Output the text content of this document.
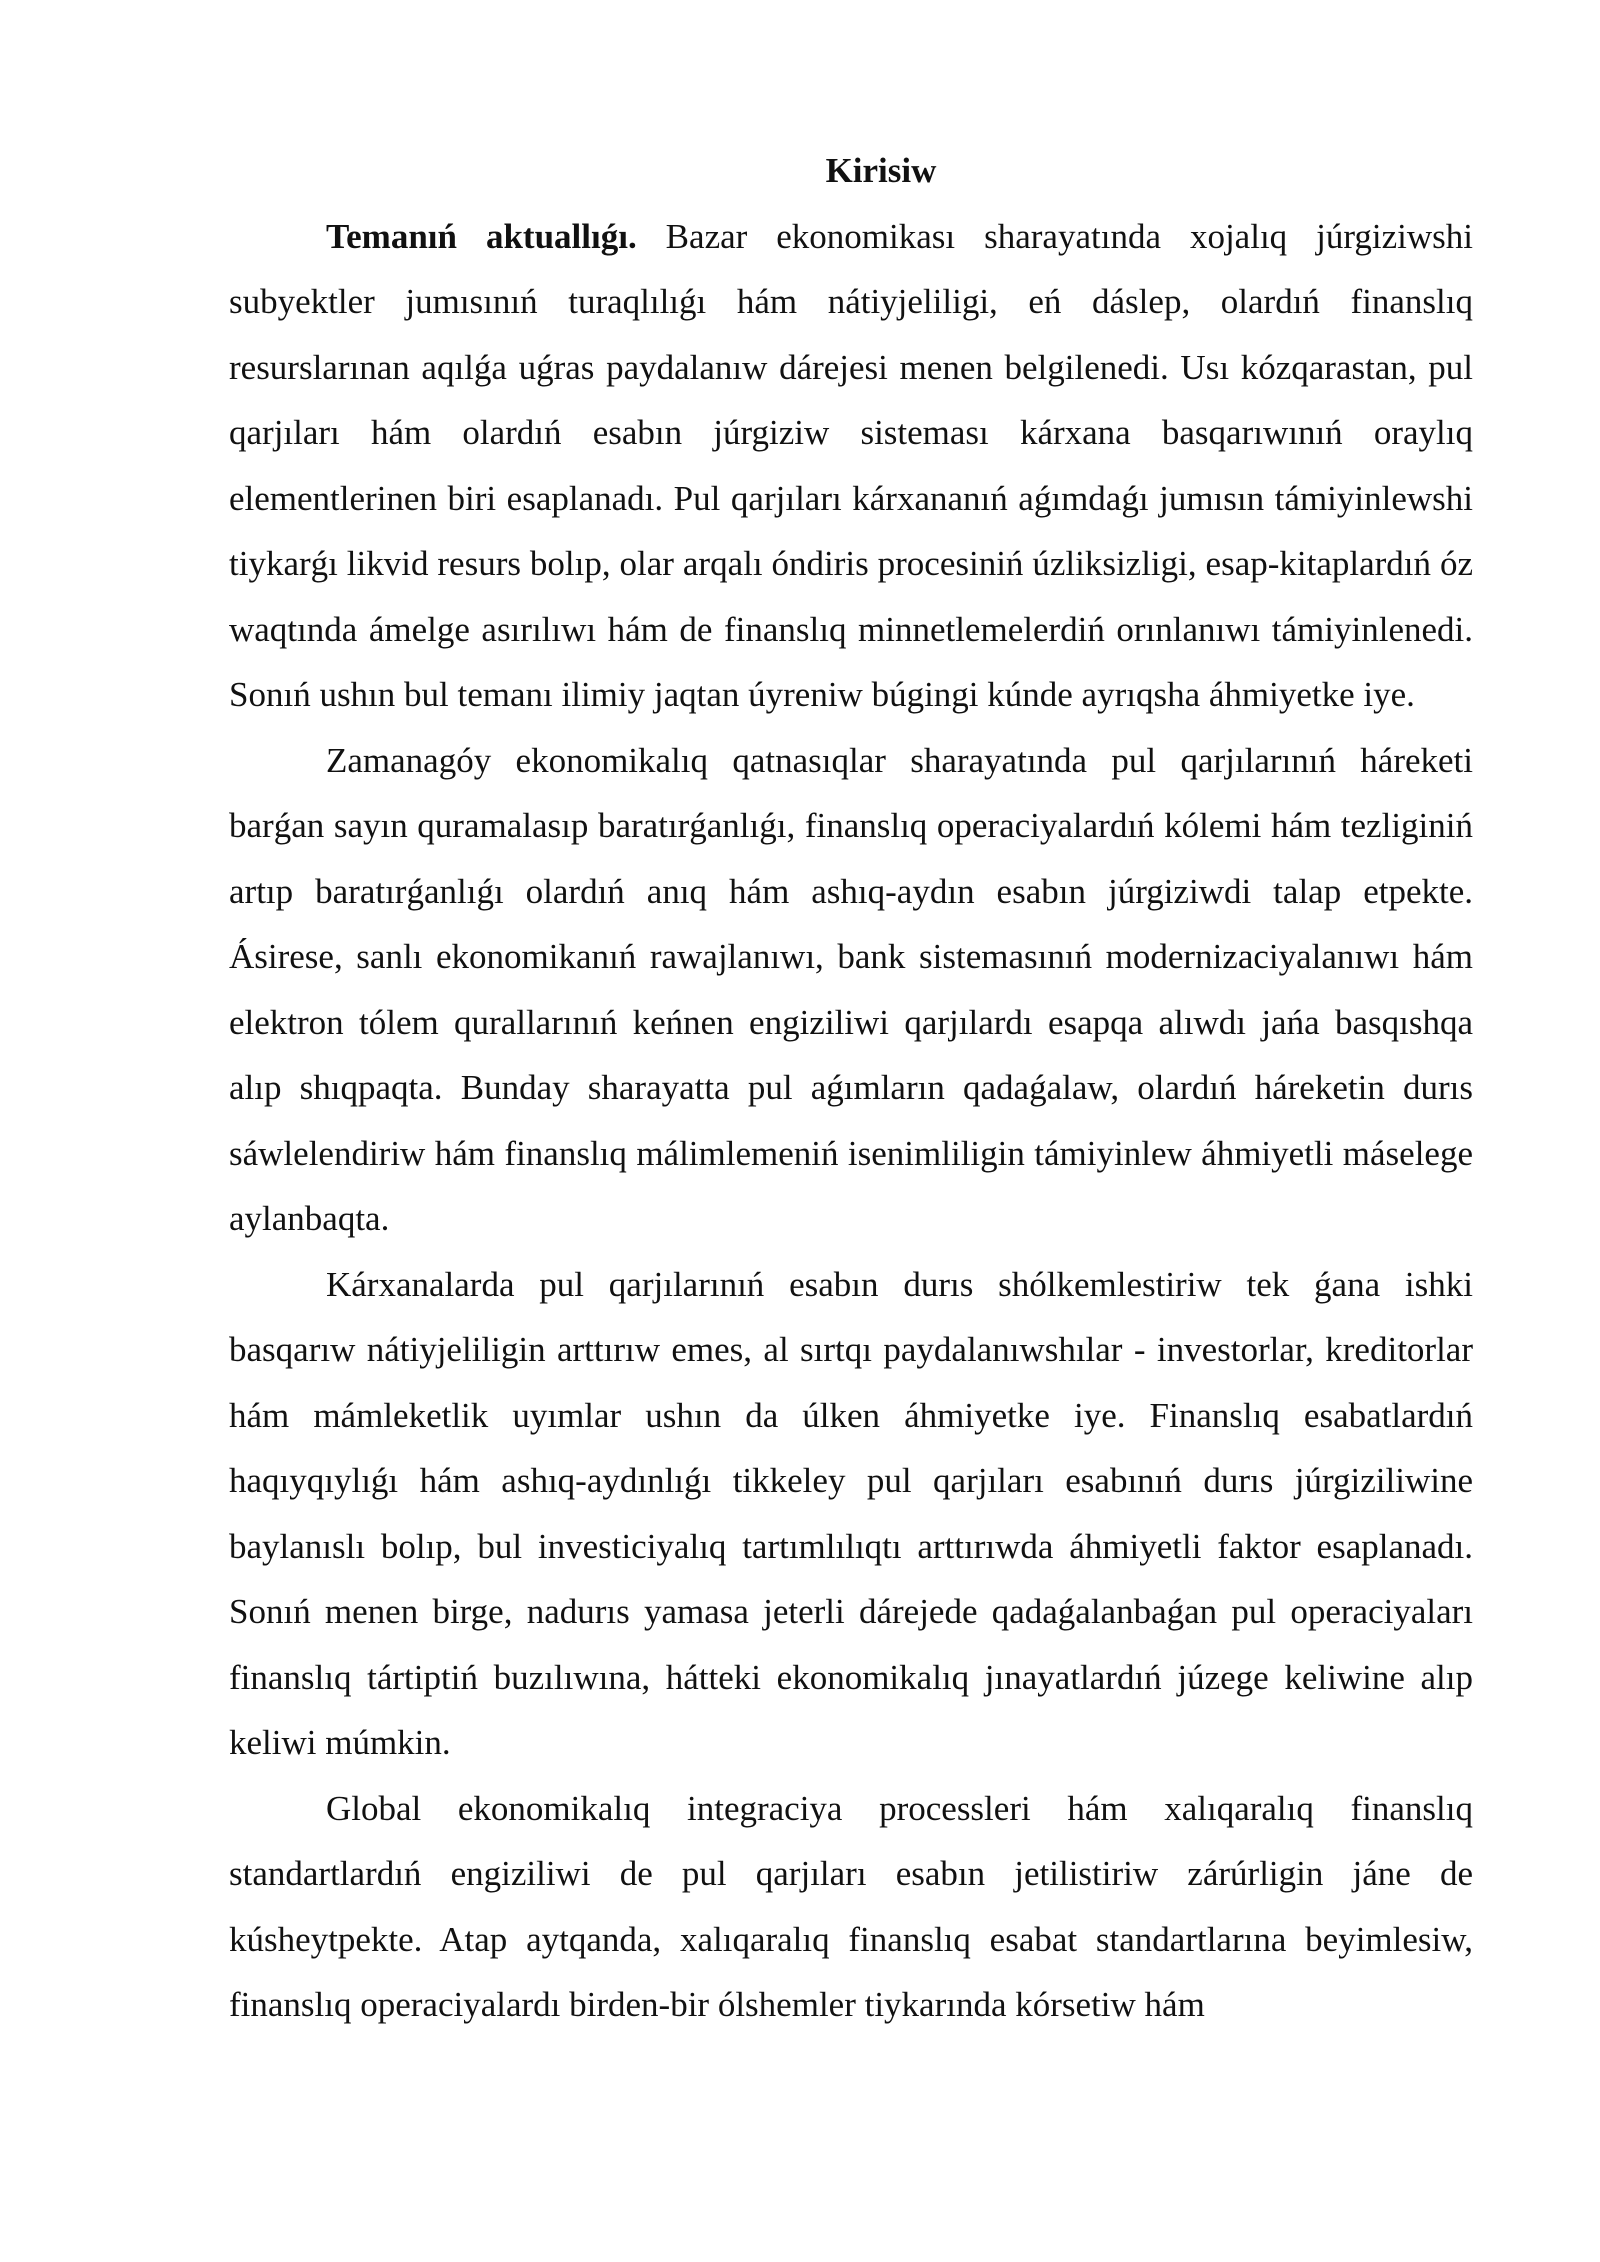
Kirisiw

Temanıń aktuallıǵı. Bazar ekonomikası sharayatında xojalıq júrgiziwshi subyektler jumısınıń turaqlılıǵı hám nátiyjeliligi, eń dáslep, olardıń finanslıq resurslarınan aqılǵa uǵras paydalanıw dárejesi menen belgilenedi. Usı kózqarastan, pul qarjıları hám olardıń esabın júrgiziw sisteması kárxana basqarıwınıń oraylıq elementlerinen biri esaplanadı. Pul qarjıları kárxananıń aǵımdaǵı jumısın támiyinlewshi tiykarǵı likvid resurs bolıp, olar arqalı óndiris procesiniń úzliksizligi, esap-kitaplardıń óz waqtında ámelge asırılıwı hám de finanslıq minnetlemelerdiń orınlanıwı támiyinlenedi. Sonıń ushın bul temanı ilimiy jaqtan úyreniw búgingi kúnde ayrıqsha áhmiyetke iye.

Zamanagóy ekonomikalıq qatnasıqlar sharayatında pul qarjılarınıń háreketi barǵan sayın quramalasıp baratırǵanlıǵı, finanslıq operaciyalardıń kólemi hám tezliginiń artıp baratırǵanlıǵı olardıń anıq hám ashıq-aydın esabın júrgiziwdi talap etpekte. Ásirese, sanlı ekonomikanıń rawajlanıwı, bank sistemasınıń modernizaciyalanıwı hám elektron tólem qurallarınıń keńnen engiziliwi qarjılardı esapqa alıwdı jańa basqıshqa alıp shıqpaqta. Bunday sharayatta pul aǵımların qadaǵalaw, olardıń háreketin durıs sáwlelendiriw hám finanslıq málimlemeniń isenimliligin támiyinlew áhmiyetli máselege aylanbaqta.

Kárxanalarda pul qarjılarınıń esabın durıs shólkemlestiriw tek ǵana ishki basqarıw nátiyjeliligin arttırıw emes, al sırtqı paydalanıwshılar - investorlar, kreditorlar hám mámleketlik uyımlar ushın da úlken áhmiyetke iye. Finanslıq esabatlardıń haqıyqıylıǵı hám ashıq-aydınlıǵı tikkeley pul qarjıları esabınıń durıs júrgiziliwine baylanıslı bolıp, bul investiciyalıq tartımlılıqtı arttırıwda áhmiyetli faktor esaplanadı. Sonıń menen birge, nadurıs yamasa jeterli dárejede qadaǵalanbaǵan pul operaciyaları finanslıq tártiptiń buzılıwına, hátteki ekonomikalıq jınayatlardıń júzege keliwine alıp keliwi múmkin.

Global ekonomikalıq integraciya processleri hám xalıqaralıq finanslıq standartlardıń engiziliwi de pul qarjıları esabın jetilistiriw zárúrligin jáne de kúsheytpekte. Atap aytqanda, xalıqaralıq finanslıq esabat standartlarına beyimlesiw, finanslıq operaciyalardı birden-bir ólshemler tiykarında kórsetiw hám
